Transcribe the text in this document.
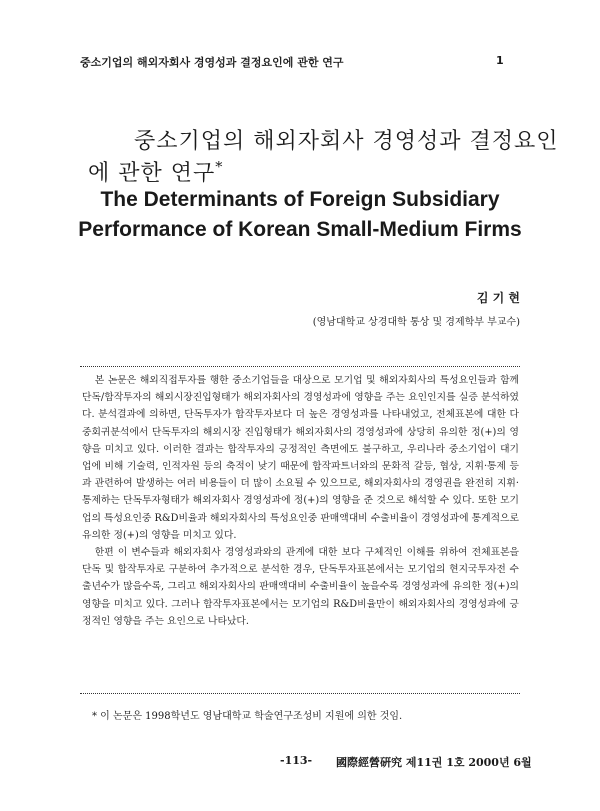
중소기업의 해외자회사 경영성과 결정요인에 관한 연구	1
중소기업의 해외자회사 경영성과 결정요인
에 관한 연구*
The Determinants of Foreign Subsidiary
Performance of Korean Small-Medium Firms
김 기 현
(영남대학교 상경대학 통상 및 경제학부 부교수)

본 논문은 해외직접투자를 행한 중소기업들을 대상으로 모기업 및 해외자회사의 특성요인들과 함께 단독/합작투자의 해외시장진입형태가 해외자회사의 경영성과에 영향을 주는 요인인지를 실증 분석하였다. 분석결과에 의하면, 단독투자가 합작투자보다 더 높은 경영성과를 나타내었고, 전체표본에 대한 다중회귀분석에서 단독투자의 해외시장 진입형태가 해외자회사의 경영성과에 상당히 유의한 정(+)의 영향을 미치고 있다. 이러한 결과는 합작투자의 긍정적인 측면에도 불구하고, 우리나라 중소기업이 대기업에 비해 기술력, 인적자원 등의 축적이 낮기 때문에 합작파트너와의 문화적 갈등, 협상, 지휘·통제 등과 관련하여 발생하는 여러 비용들이 더 많이 소요될 수 있으므로, 해외자회사의 경영권을 완전히 지휘·통제하는 단독투자형태가 해외자회사 경영성과에 정(+)의 영향을 준 것으로 해석할 수 있다. 또한 모기업의 특성요인중 R&D비율과 해외자회사의 특성요인중 판매액대비 수출비율이 경영성과에 통계적으로 유의한 정(+)의 영향을 미치고 있다.

한편 이 변수들과 해외자회사 경영성과와의 관계에 대한 보다 구체적인 이해를 위하여 전체표본을 단독 및 합작투자로 구분하여 추가적으로 분석한 경우, 단독투자표본에서는 모기업의 현지국투자전 수출년수가 많을수록, 그리고 해외자회사의 판매액대비 수출비율이 높을수록 경영성과에 유의한 정(+)의 영향을 미치고 있다. 그러나 합작투자표본에서는 모기업의 R&D비율만이 해외자회사의 경영성과에 긍정적인 영향을 주는 요인으로 나타났다.

* 이 논문은 1998학년도 영남대학교 학술연구조성비 지원에 의한 것임.
-113- 國際經營硏究 제11권 1호 2000년 6월
